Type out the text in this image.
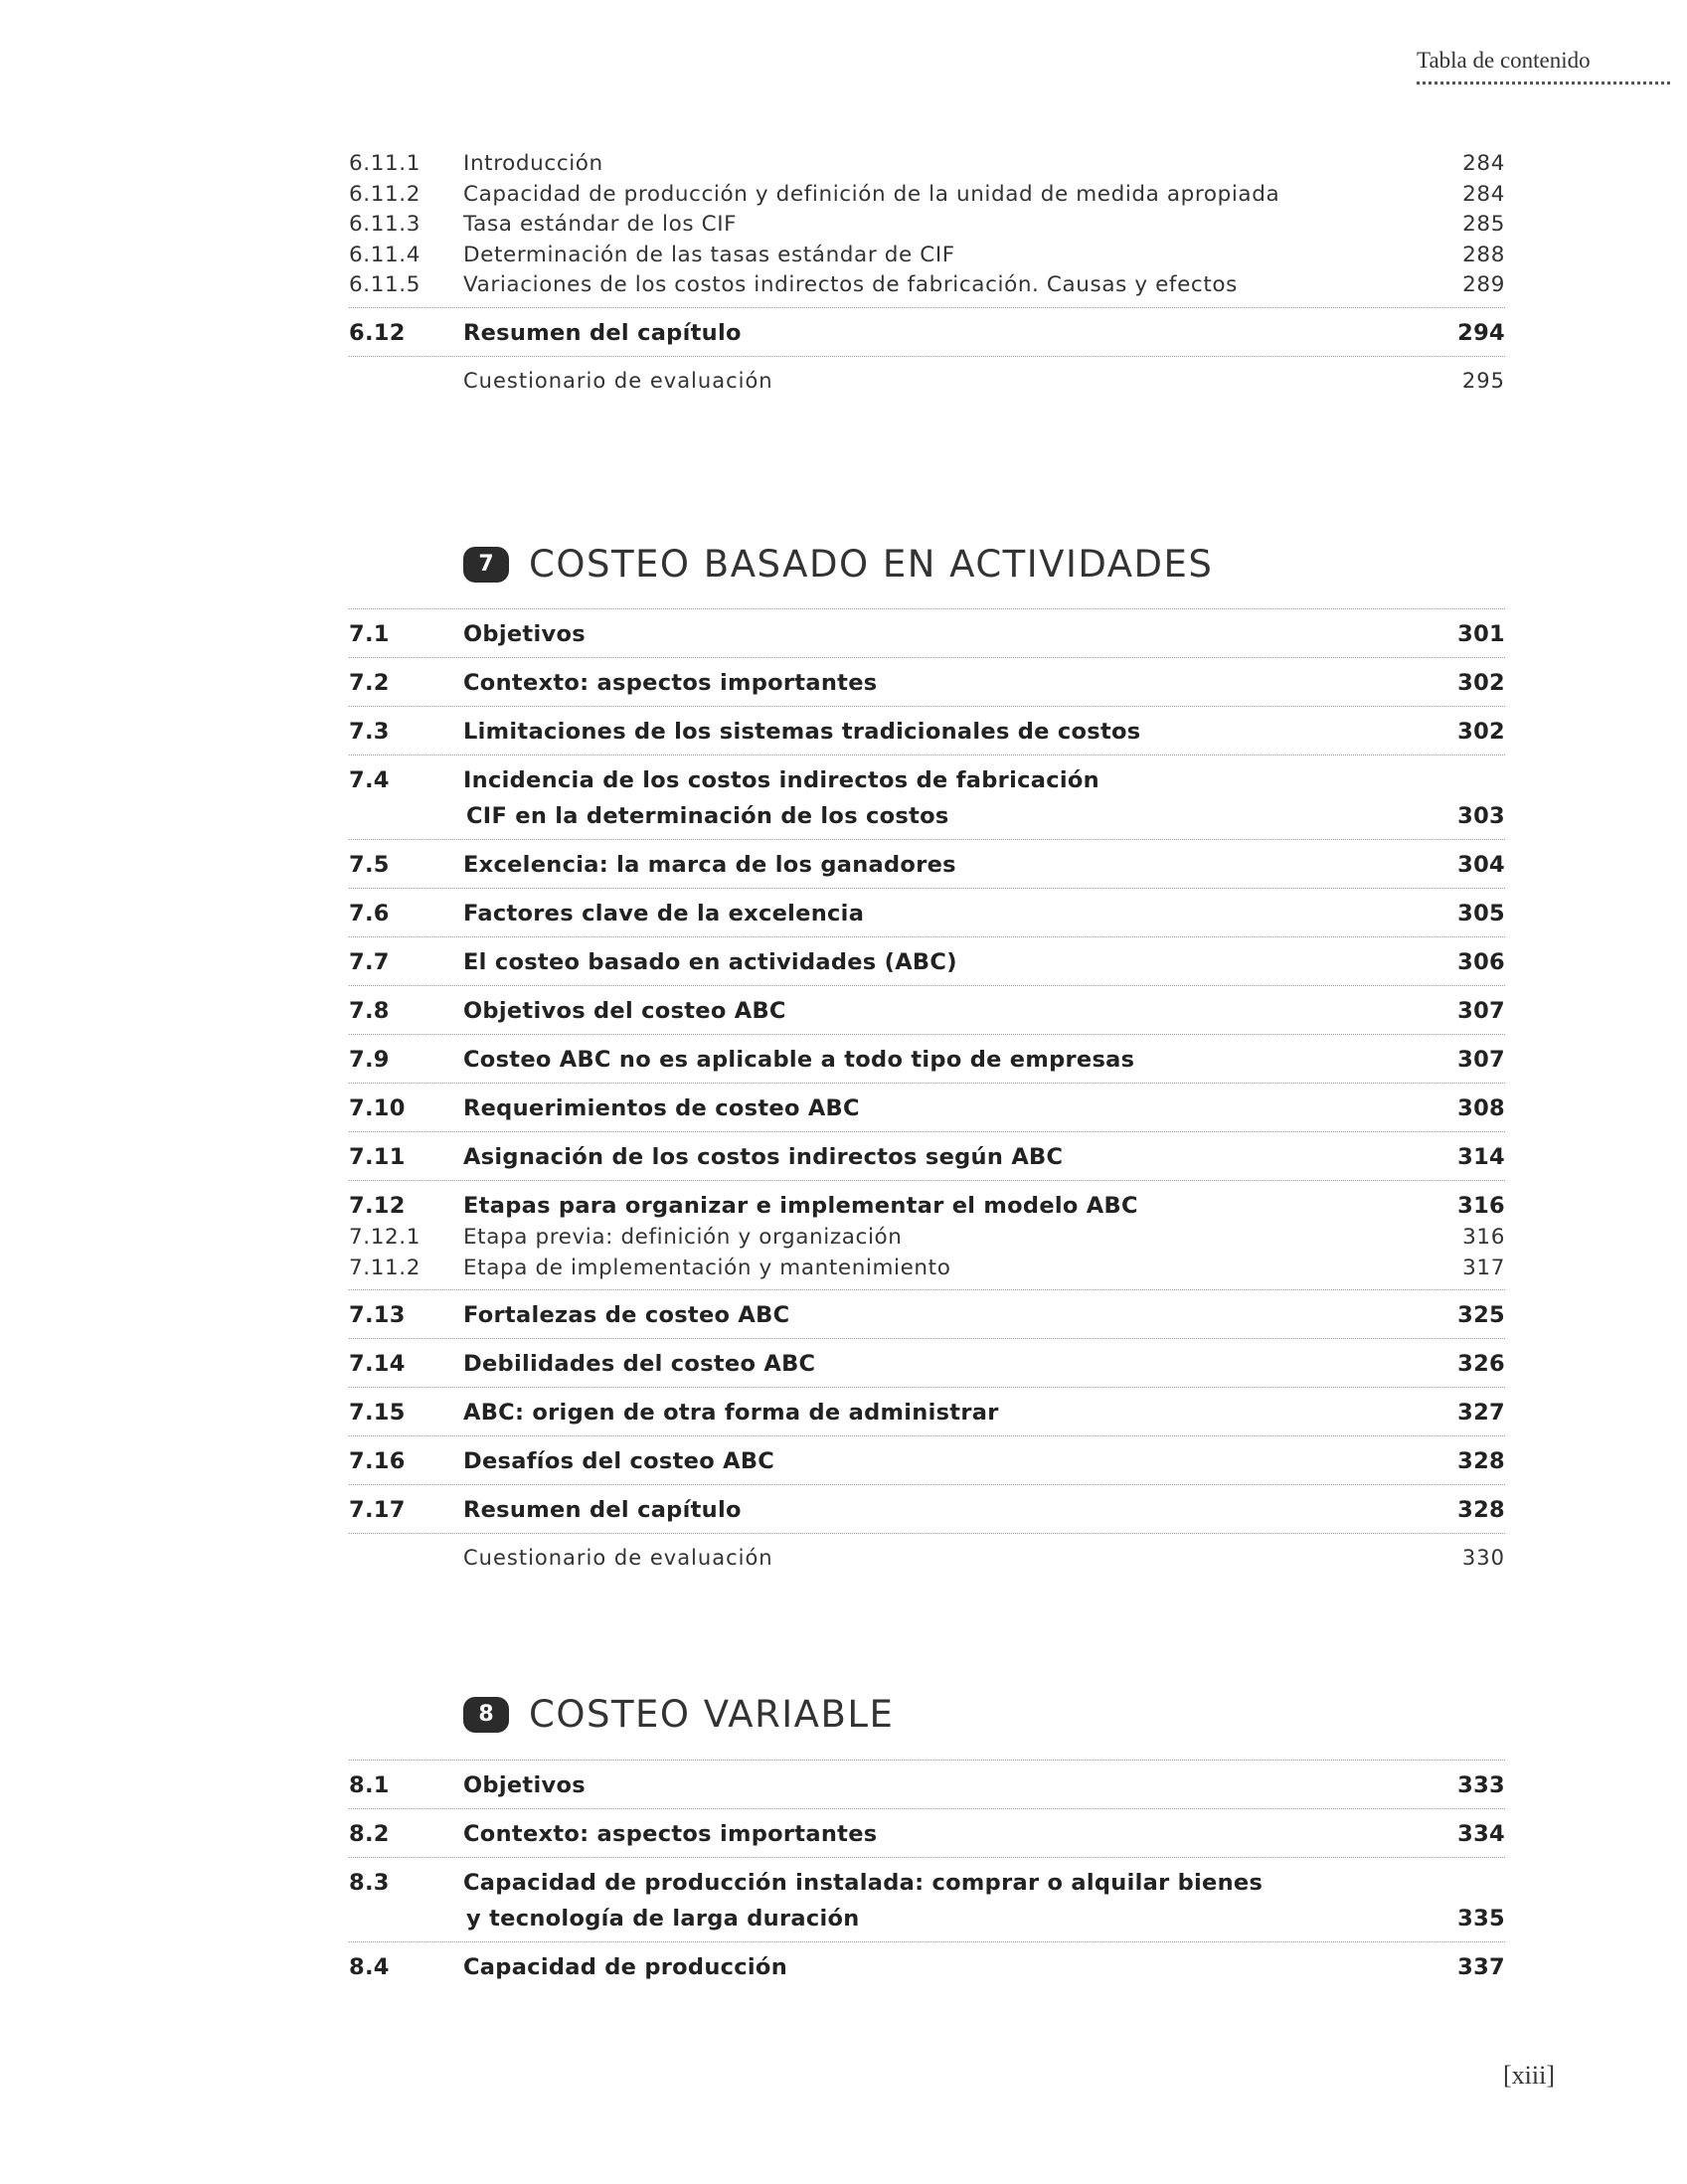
Tabla de contenido
6.11.1	Introducción	284
6.11.2	Capacidad de producción y definición de la unidad de medida apropiada	284
6.11.3	Tasa estándar de los CIF	285
6.11.4	Determinación de las tasas estándar de CIF	288
6.11.5	Variaciones de los costos indirectos de fabricación. Causas y efectos	289
6.12	Resumen del capítulo	294
Cuestionario de evaluación	295
7 COSTEO BASADO EN ACTIVIDADES
7.1	Objetivos	301
7.2	Contexto: aspectos importantes	302
7.3	Limitaciones de los sistemas tradicionales de costos	302
7.4	Incidencia de los costos indirectos de fabricación
CIF en la determinación de los costos	303
7.5	Excelencia: la marca de los ganadores	304
7.6	Factores clave de la excelencia	305
7.7	El costeo basado en actividades (ABC)	306
7.8	Objetivos del costeo ABC	307
7.9	Costeo ABC no es aplicable a todo tipo de empresas	307
7.10	Requerimientos de costeo ABC	308
7.11	Asignación de los costos indirectos según ABC	314
7.12	Etapas para organizar e implementar el modelo ABC	316
7.12.1	Etapa previa: definición y organización	316
7.11.2	Etapa de implementación y mantenimiento	317
7.13	Fortalezas de costeo ABC	325
7.14	Debilidades del costeo ABC	326
7.15	ABC: origen de otra forma de administrar	327
7.16	Desafíos del costeo ABC	328
7.17	Resumen del capítulo	328
Cuestionario de evaluación	330
8 COSTEO VARIABLE
8.1	Objetivos	333
8.2	Contexto: aspectos importantes	334
8.3	Capacidad de producción instalada: comprar o alquilar bienes
y tecnología de larga duración	335
8.4	Capacidad de producción	337
[xiii]
